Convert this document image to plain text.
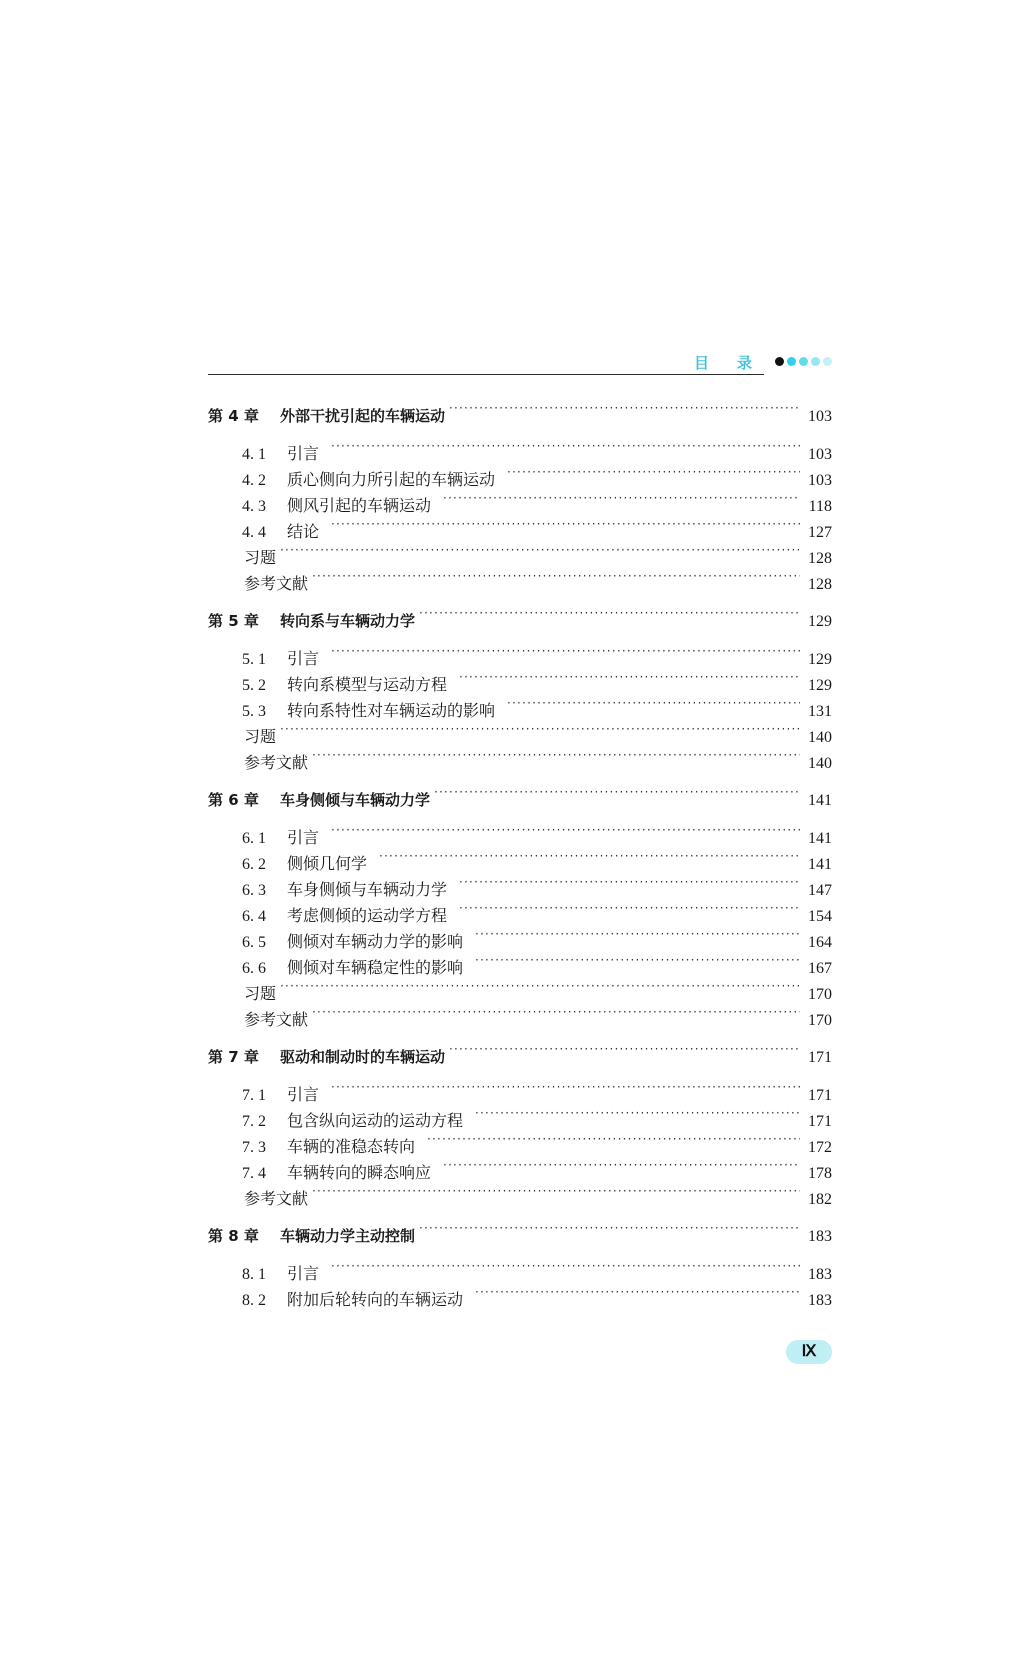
目 录
第 4 章	外部干扰引起的车辆运动 ·····	103
4. 1	引言 ·····	103
4. 2	质心侧向力所引起的车辆运动 ·····	103
4. 3	侧风引起的车辆运动 ·····	118
4. 4	结论 ·····	127
习题 ·····	128
参考文献 ·····	128
第 5 章	转向系与车辆动力学 ·····	129
5. 1	引言 ·····	129
5. 2	转向系模型与运动方程 ·····	129
5. 3	转向系特性对车辆运动的影响 ·····	131
习题 ·····	140
参考文献 ·····	140
第 6 章	车身侧倾与车辆动力学 ·····	141
6. 1	引言 ·····	141
6. 2	侧倾几何学 ·····	141
6. 3	车身侧倾与车辆动力学 ·····	147
6. 4	考虑侧倾的运动学方程 ·····	154
6. 5	侧倾对车辆动力学的影响 ·····	164
6. 6	侧倾对车辆稳定性的影响 ·····	167
习题 ·····	170
参考文献 ·····	170
第 7 章	驱动和制动时的车辆运动 ·····	171
7. 1	引言 ·····	171
7. 2	包含纵向运动的运动方程 ·····	171
7. 3	车辆的准稳态转向 ·····	172
7. 4	车辆转向的瞬态响应 ·····	178
参考文献 ·····	182
第 8 章	车辆动力学主动控制 ·····	183
8. 1	引言 ·····	183
8. 2	附加后轮转向的车辆运动 ·····	183
Ⅸ
